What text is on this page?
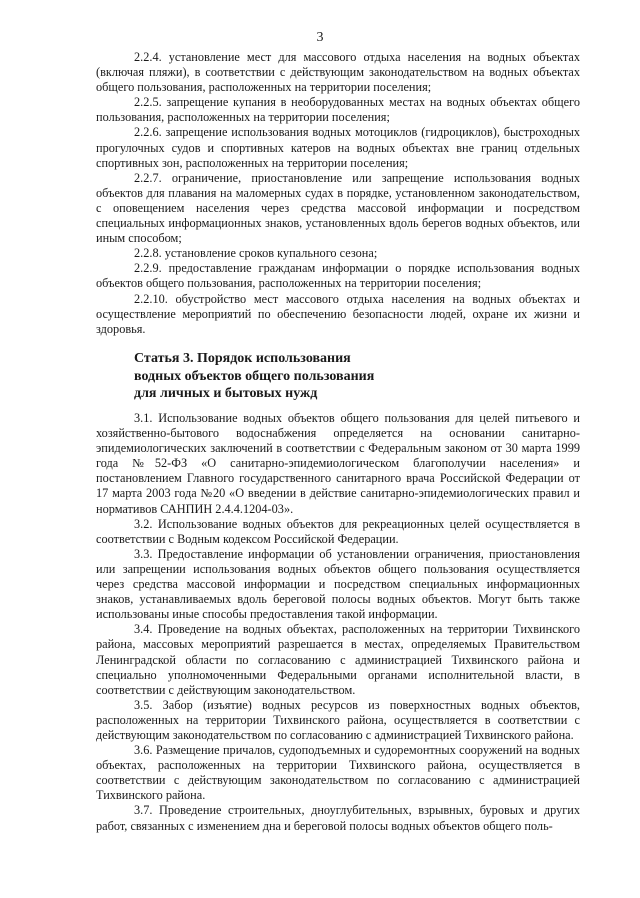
3

2.2.4. установление мест для массового отдыха населения на водных объектах (включая пляжи), в соответствии с действующим законодательством на водных объектах общего пользования, расположенных на территории поселения;

2.2.5. запрещение купания в необорудованных местах на водных объектах общего пользования, расположенных на территории поселения;

2.2.6. запрещение использования водных мотоциклов (гидроциклов), быстроходных прогулочных судов и спортивных катеров на водных объектах вне границ отдельных спортивных зон, расположенных на территории поселения;

2.2.7. ограничение, приостановление или запрещение использования водных объектов для плавания на маломерных судах в порядке, установленном законодательством, с оповещением населения через средства массовой информации и посредством специальных информационных знаков, установленных вдоль берегов водных объектов, или иным способом;

2.2.8. установление сроков купального сезона;

2.2.9. предоставление гражданам информации о порядке использования водных объектов общего пользования, расположенных на территории поселения;

2.2.10. обустройство мест массового отдыха населения на водных объектах и осуществление мероприятий по обеспечению безопасности людей, охране их жизни и здоровья.

Статья 3. Порядок использования
водных объектов общего пользования
для личных и бытовых нужд

3.1. Использование водных объектов общего пользования для целей питьевого и хозяйственно-бытового водоснабжения определяется на основании санитарно- эпидемиологических заключений в соответствии с Федеральным законом от 30 марта 1999 года №52-ФЗ «О санитарно-эпидемиологическом благополучии населения» и постановлением Главного государственного санитарного врача Российской Федерации от 17 марта 2003 года №20 «О введении в действие санитарно-эпидемиологических правил и нормативов САНПИН 2.4.4.1204-03».

3.2. Использование водных объектов для рекреационных целей осуществляется в соответствии с Водным кодексом Российской Федерации.

3.3. Предоставление информации об установлении ограничения, приостановления или запрещении использования водных объектов общего пользования осуществляется через средства массовой информации и посредством специальных информационных знаков, устанавливаемых вдоль береговой полосы водных объектов. Могут быть также использованы иные способы предоставления такой информации.

3.4. Проведение на водных объектах, расположенных на территории Тихвинского района, массовых мероприятий разрешается в местах, определяемых Правительством Ленинградской области по согласованию с администрацией Тихвинского района и специально уполномоченными Федеральными органами исполнительной власти, в соответствии с действующим законодательством.

3.5. Забор (изъятие) водных ресурсов из поверхностных водных объектов, расположенных на территории Тихвинского района, осуществляется в соответствии с действующим законодательством по согласованию с администрацией Тихвинского района.

3.6. Размещение причалов, судоподъемных и судоремонтных сооружений на водных объектах, расположенных на территории Тихвинского района, осуществляется в соответствии с действующим законодательством по согласованию с администрацией Тихвинского района.

3.7. Проведение строительных, дноуглубительных, взрывных, буровых и других работ, связанных с изменением дна и береговой полосы водных объектов общего поль-
